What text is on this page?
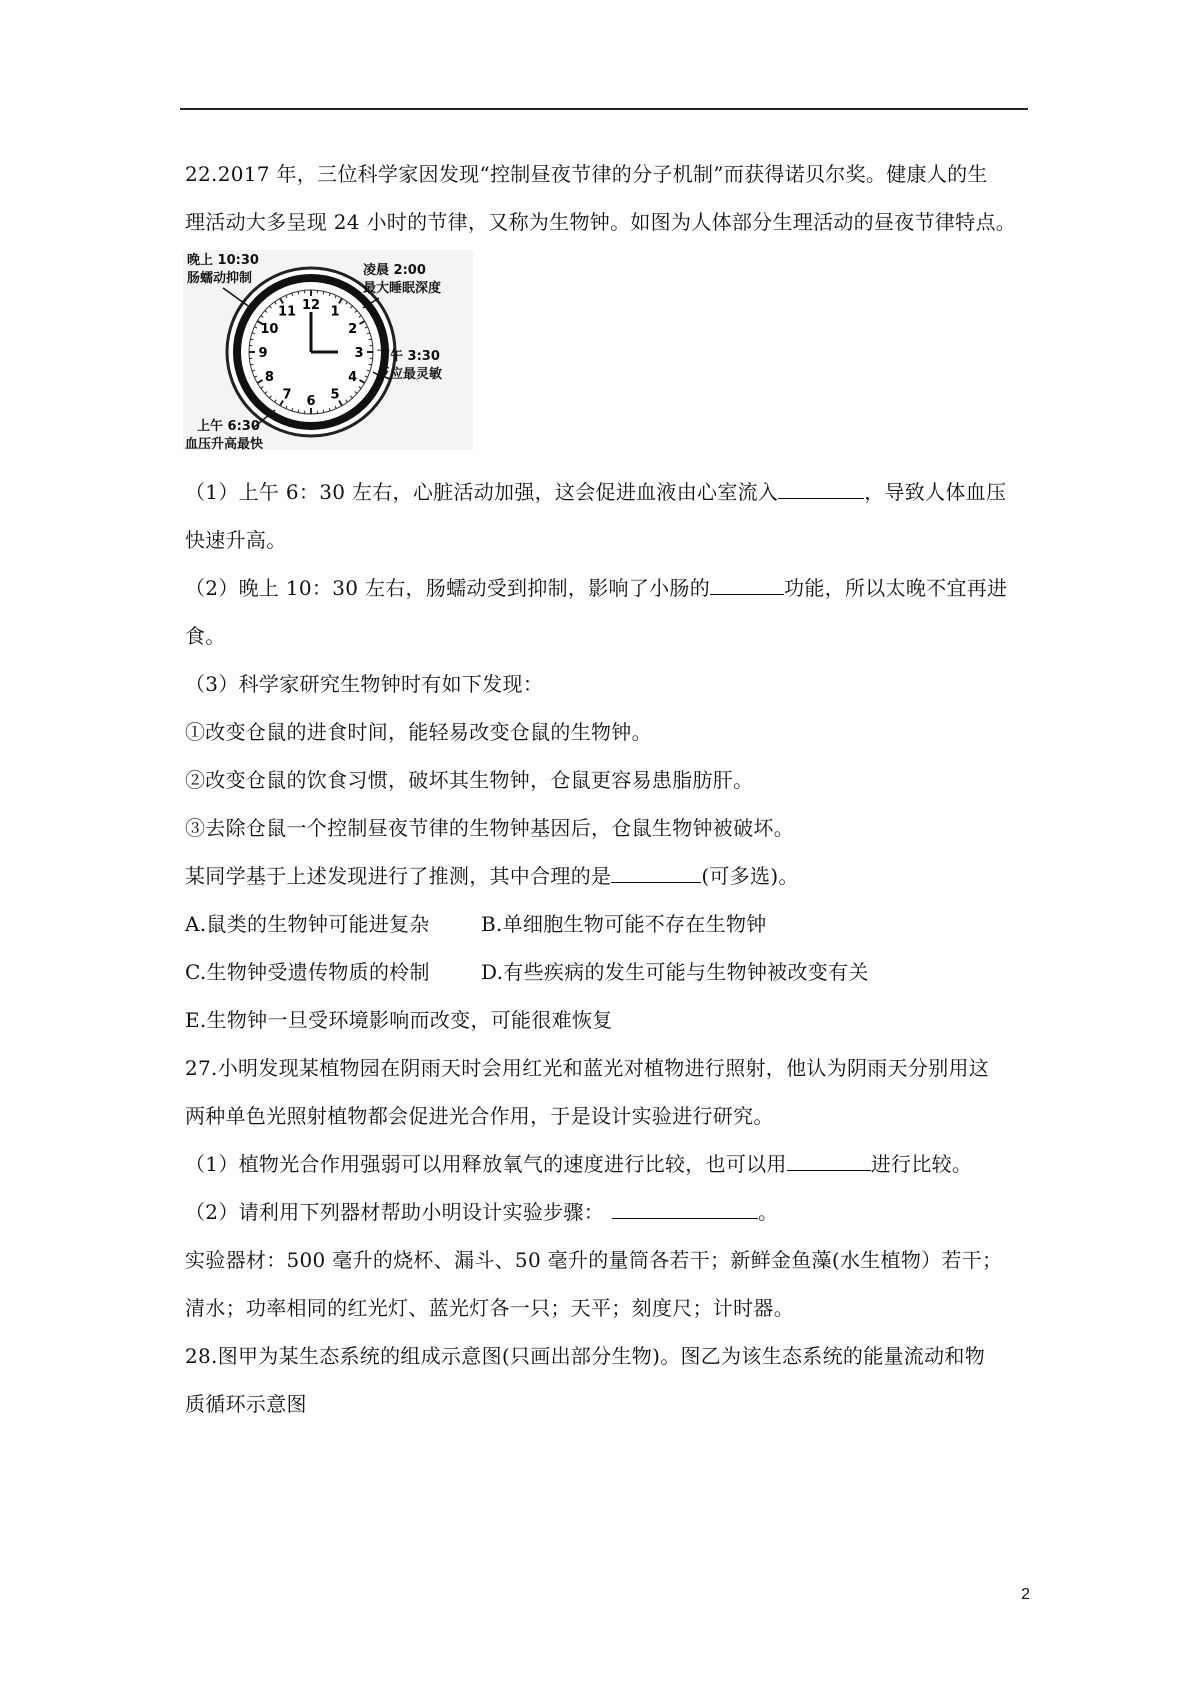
22.2017 年，三位科学家因发现“控制昼夜节律的分子机制”而获得诺贝尔奖。健康人的生
理活动大多呈现 24 小时的节律，又称为生物钟。如图为人体部分生理活动的昼夜节律特点。
12 1
2
3
4
5
6
7
8
9
10
11
晚上 10:30
肠蠕动抑制
凌晨 2:00
最大睡眠深度
下午 3:30
反应最灵敏
上午 6:30
血压升高最快
（1）上午 6：30 左右，心脏活动加强，这会促进血液由心室流入	，导致人体血压
快速升高。
（2）晚上 10：30 左右，肠蠕动受到抑制，影响了小肠的	功能，所以太晚不宜再进
食。
（3）科学家研究生物钟时有如下发现：
①改变仓鼠的进食时间，能轻易改变仓鼠的生物钟。
②改变仓鼠的饮食习惯，破坏其生物钟，仓鼠更容易患脂肪肝。
③去除仓鼠一个控制昼夜节律的生物钟基因后，仓鼠生物钟被破坏。
某同学基于上述发现进行了推测，其中合理的是	(可多选)。
A.鼠类的生物钟可能进复杂	B.单细胞生物可能不存在生物钟
C.生物钟受遗传物质的柃制	D.有些疾病的发生可能与生物钟被改变有关
E.生物钟一旦受环境影响而改变，可能很难恢复
27.小明发现某植物园在阴雨天时会用红光和蓝光对植物进行照射，他认为阴雨天分别用这
两种单色光照射植物都会促进光合作用，于是设计实验进行研究。
（1）植物光合作用强弱可以用释放氧气的速度进行比较，也可以用	进行比较。
（2）请利用下列器材帮助小明设计实验步骤：	。
实验器材：500 毫升的烧杯、漏斗、50 毫升的量筒各若干；新鲜金鱼藻(水生植物）若干；
清水；功率相同的红光灯、蓝光灯各一只；天平；刻度尺；计时器。
28.图甲为某生态系统的组成示意图(只画出部分生物)。图乙为该生态系统的能量流动和物
质循环示意图
2
